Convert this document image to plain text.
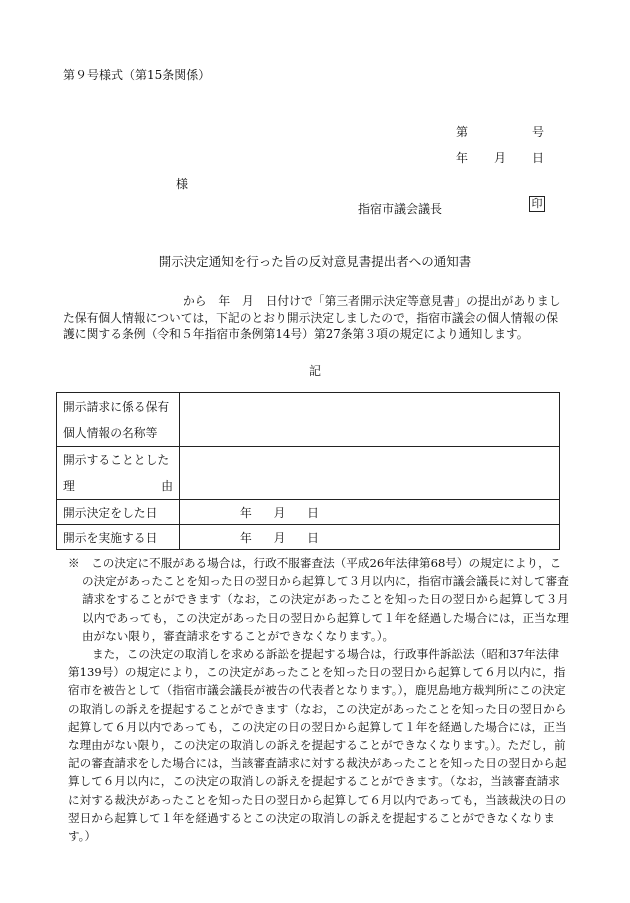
第９号様式（第15条関係）
第	号
年 月 日
様
指宿市議会議長	印
開示決定通知を行った旨の反対意見書提出者への通知書

から　年　月　日付けで「第三者開示決定等意見書」の提出がありまし

た保有個人情報については，下記のとおり開示決定しましたので，指宿市議会の個人情報の保護に関する条例（令和５年指宿市条例第14号）第27条第３項の規定により通知します。

記
開示請求に係る保有
個人情報の名称等	

開示することとした
理 由	

開示決定をした日	年 月 日
開示を実施する日	年 月 日

※　この決定に不服がある場合は，行政不服審査法（平成26年法律第68号）の規定により，この決定があったことを知った日の翌日から起算して３月以内に，指宿市議会議長に対して審査請求をすることができます（なお，この決定があったことを知った日の翌日から起算して３月以内であっても，この決定があった日の翌日から起算して１年を経過した場合には，正当な理由がない限り，審査請求をすることができなくなります。）。

また，この決定の取消しを求める訴訟を提起する場合は，行政事件訴訟法（昭和37年法律第139号）の規定により，この決定があったことを知った日の翌日から起算して６月以内に，指宿市を被告として（指宿市議会議長が被告の代表者となります。），鹿児島地方裁判所にこの決定の取消しの訴えを提起することができます（なお，この決定があったことを知った日の翌日から起算して６月以内であっても，この決定の日の翌日から起算して１年を経過した場合には，正当な理由がない限り，この決定の取消しの訴えを提起することができなくなります。）。ただし，前記の審査請求をした場合には，当該審査請求に対する裁決があったことを知った日の翌日から起算して６月以内に，この決定の取消しの訴えを提起することができます。（なお，当該審査請求に対する裁決があったことを知った日の翌日から起算して６月以内であっても，当該裁決の日の翌日から起算して１年を経過するとこの決定の取消しの訴えを提起することができなくなります。）
